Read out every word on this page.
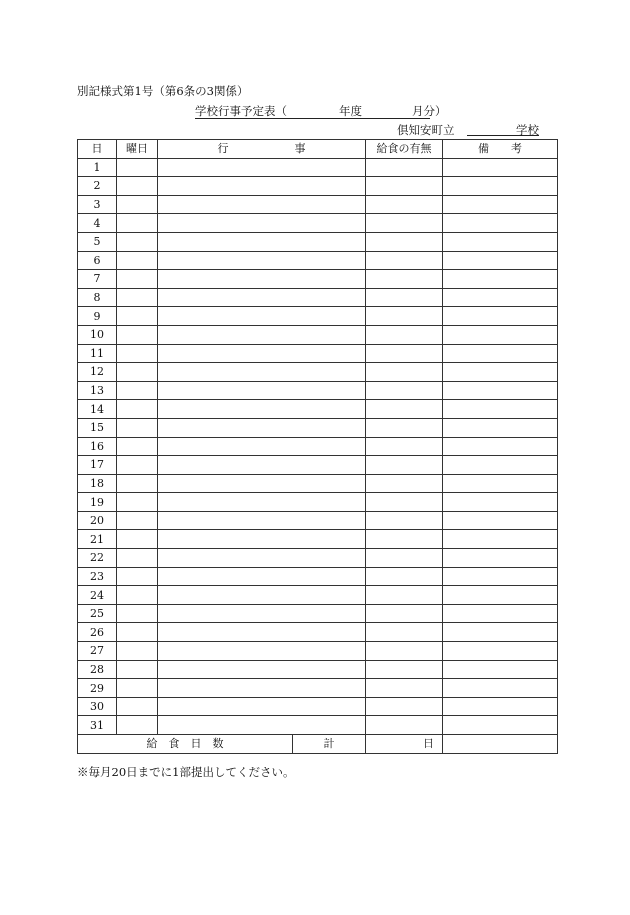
別記様式第1号（第6条の3関係）
学校行事予定表（	年度	月分）
倶知安町立	学校
日	曜日	行　　　　　　事		給食の有無	備　　考
1					
2					
3					
4					
5					
6					
7					
8					
9					
10					
11					
12					
13					
14					
15					
16					
17					
18					
19					
20					
21					
22					
23					
24					
25					
26					
27					
28					
29					
30					
31					
給　食　日　数			計	日	
※毎月20日までに1部提出してください。
